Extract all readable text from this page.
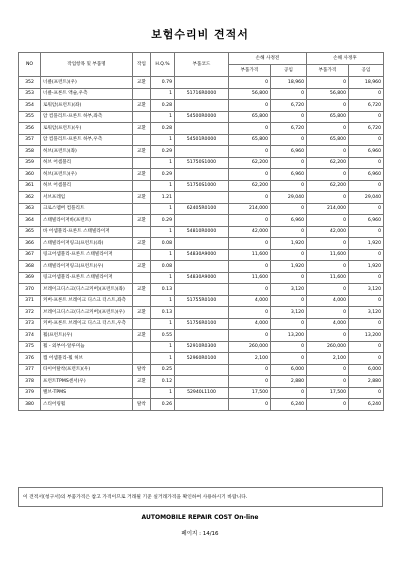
보험수리비 견적서
NO	작업항목 및 부품명	작업	H.Q.%	부품코드	손해 사정전		손해 사정후	
					부품가격	공임	부품가격	공임
352	너클(프런트)(우)	교환	0.79		0	18,960	0	18,960
353	너클-프론트 액슬,우측		1	51716R0000	56,800	0	56,800	0
354	로워암(프런트)(좌)	교환	0.28		0	6,720	0	6,720
355	암 컴플리트-프론트 하부,좌측		1	54500R0000	65,800	0	65,800	0
356	로워암(프런트)(우)	교환	0.28		0	6,720	0	6,720
357	암 컴플리트-프론트 하부,우측		1	54501R0000	65,800	0	65,800	0
358	허브(프런트)(좌)	교환	0.29		0	6,960	0	6,960
359	허브 어셈블리		1	51750S1000	62,200	0	62,200	0
360	허브(프런트)(우)	교환	0.29		0	6,960	0	6,960
361	허브 어셈블리		1	51750S1000	62,200	0	62,200	0
362	서브프레임	교환	1.21		0	29,040	0	29,040
363	크로스멤버 컴플리트		1	62405R0100	214,000	0	214,000	0
364	스태빌라이저바(프런트)	교환	0.29		0	6,960	0	6,960
365	바 어셈블리-프론트 스태빌라이저		1	54810R0000	42,000	0	42,000	0
366	스태빌라이저링크(프런트)(좌)	교환	0.08		0	1,920	0	1,920
367	링크어셈블리-프론트 스태빌라이저		1	54830A9000	11,600	0	11,600	0
368	스태빌라이저링크(프런트)(우)	교환	0.08		0	1,920	0	1,920
369	링크어셈블리-프론트 스태빌라이저		1	54830A9000	11,600	0	11,600	0
370	브레이크디스크(디스크커버)(프런트)(좌)	교환	0.13		0	3,120	0	3,120
371	커버-프론트 브레이크 디스크 더스트,좌측		1	51755R0100	4,000	0	4,000	0
372	브레이크디스크(디스크커버)(프런트)(우)	교환	0.13		0	3,120	0	3,120
373	커버-프론트 브레이크 디스크 더스트,우측		1	51756R0100	4,000	0	4,000	0
374	휠(프런트)(우)	교환	0.55		0	13,200	0	13,200
375	휠 - 외부이-알루미늄		1	52910R0300	260,000	0	260,000	0
376	캡 어셈블리-휠 허브		1	52960R0100	2,100	0	2,100	0
377	타이어탈착(프런트)(우)	탈착	0.25		0	6,000	0	6,000
378	프런트TPMS센서(우)	교환	0.12		0	2,880	0	2,880
379	밸브-TPMS		1	52940L1100	17,500	0	17,500	0
380	스티어링휠	탈착	0.26		0	6,240	0	6,240
이 견적서(청구서)의 부품가격은 참고 가격이므로 거래될 기준 실거래가격을 확인하여 사용하시기 바랍니다.
AUTOMOBILE REPAIR COST On-line
페이지 : 14/16
